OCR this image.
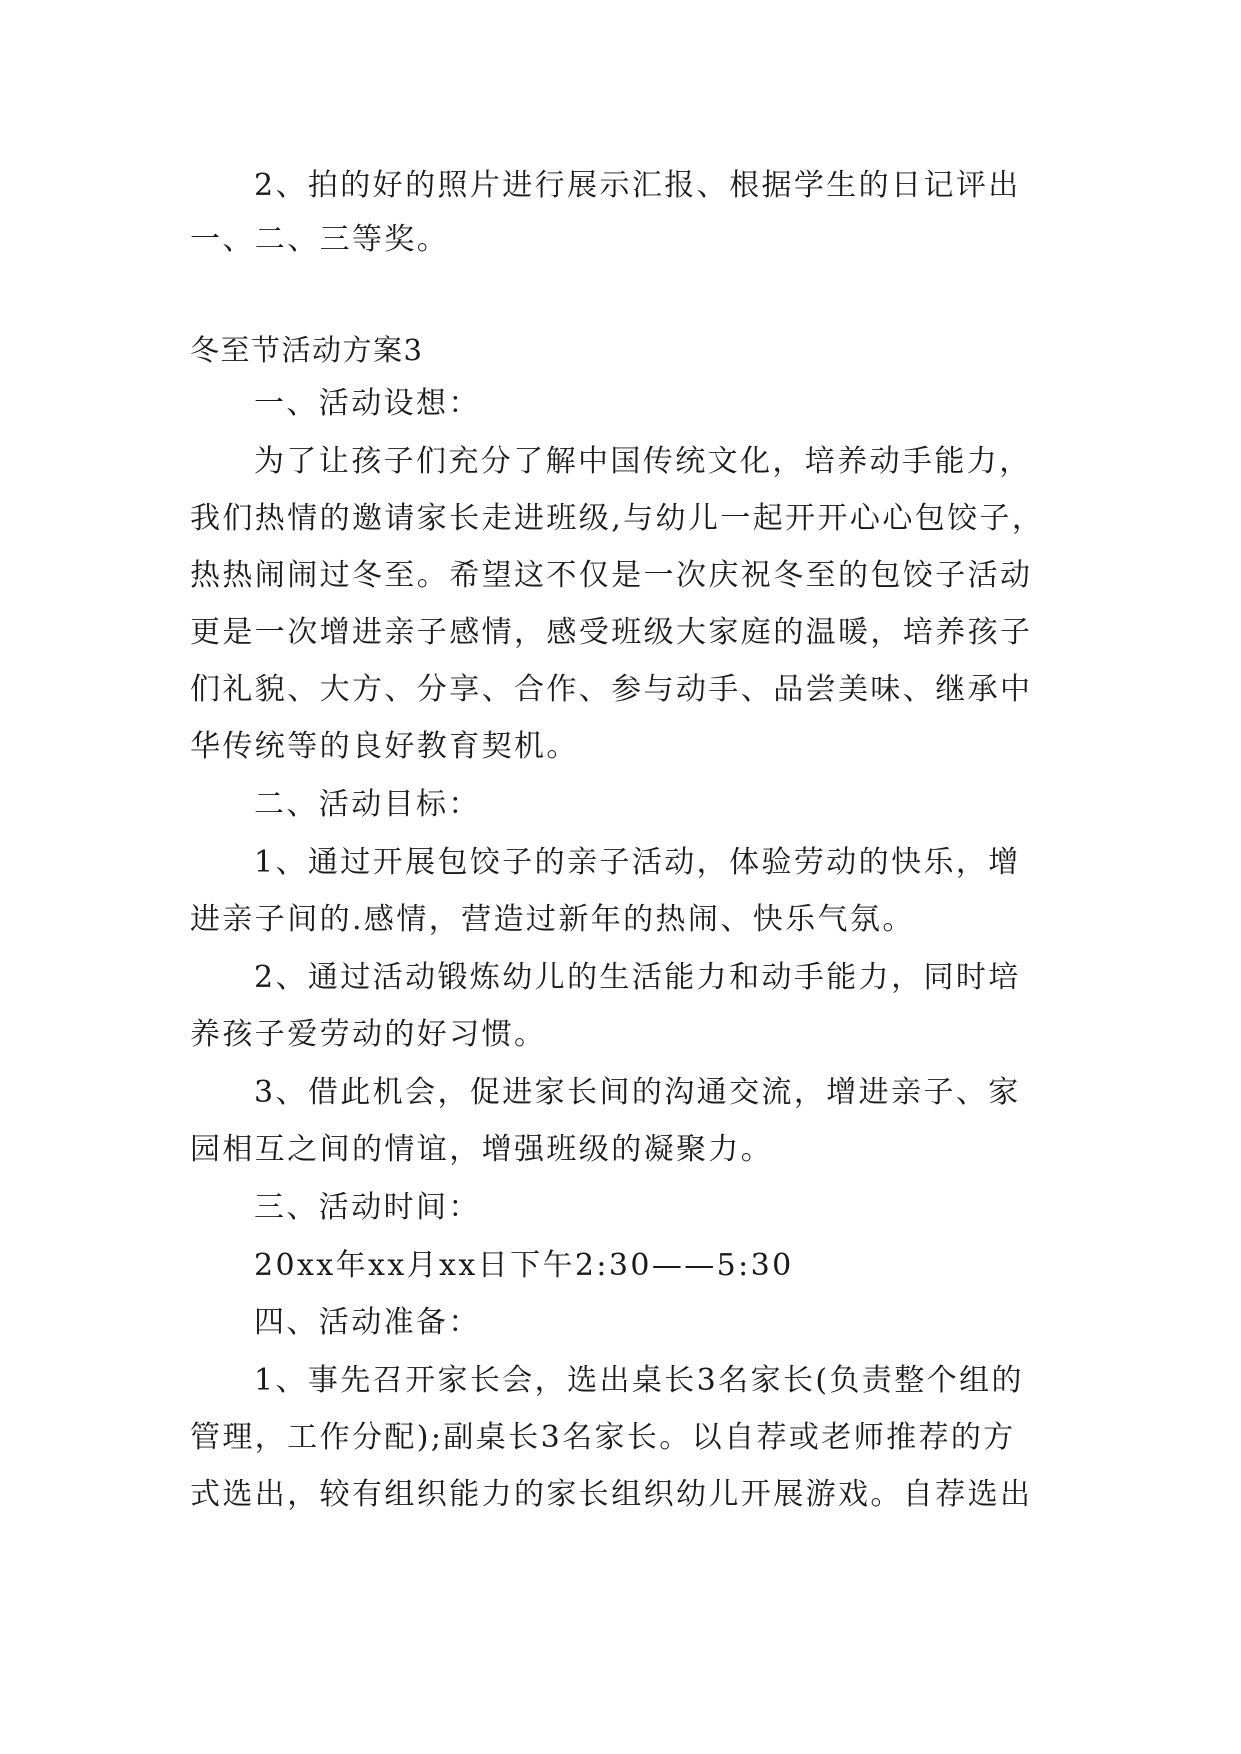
2、拍的好的照片进行展示汇报、根据学生的日记评出
一、二、三等奖。
冬至节活动方案3
一、活动设想：
为了让孩子们充分了解中国传统文化，培养动手能力，
我们热情的邀请家长走进班级,与幼儿一起开开心心包饺子，
热热闹闹过冬至。希望这不仅是一次庆祝冬至的包饺子活动
更是一次增进亲子感情，感受班级大家庭的温暖，培养孩子
们礼貌、大方、分享、合作、参与动手、品尝美味、继承中
华传统等的良好教育契机。
二、活动目标：
1、通过开展包饺子的亲子活动，体验劳动的快乐，增
进亲子间的.感情，营造过新年的热闹、快乐气氛。
2、通过活动锻炼幼儿的生活能力和动手能力，同时培
养孩子爱劳动的好习惯。
3、借此机会，促进家长间的沟通交流，增进亲子、家
园相互之间的情谊，增强班级的凝聚力。
三、活动时间：
20xx年xx月xx日下午2:30——5:30
四、活动准备：
1、事先召开家长会，选出桌长3名家长(负责整个组的
管理，工作分配);副桌长3名家长。以自荐或老师推荐的方
式选出，较有组织能力的家长组织幼儿开展游戏。自荐选出
